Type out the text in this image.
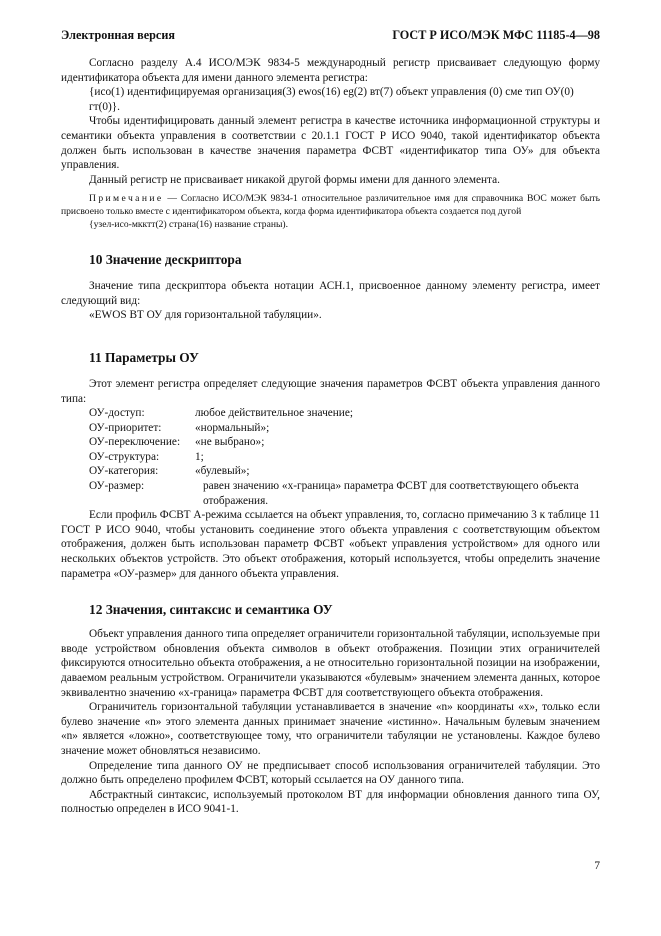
Электронная версия	ГОСТ Р ИСО/МЭК МФС 11185-4—98

Согласно разделу А.4 ИСО/МЭК 9834-5 международный регистр присваивает следующую форму идентификатора объекта для имени данного элемента регистра:

{исо(1) идентифицируемая организация(3) ewos(16) eg(2) вт(7) объект управления (0) сме тип ОУ(0) гт(0)}.

Чтобы идентифицировать данный элемент регистра в качестве источника информационной структуры и семантики объекта управления в соответствии с 20.1.1 ГОСТ Р ИСО 9040, такой идентификатор объекта должен быть использован в качестве значения параметра ФСВТ «идентификатор типа ОУ» для объекта управления.

Данный регистр не присваивает никакой другой формы имени для данного элемента.

Примечание — Согласно ИСО/МЭК 9834-1 относительное различительное имя для справочника ВОС может быть присвоено только вместе с идентификатором объекта, когда форма идентификатора объекта создается под дугой

{узел-исо-мкктт(2) страна(16) название страны).

10 Значение дескриптора

Значение типа дескриптора объекта нотации АСН.1, присвоенное данному элементу регистра, имеет следующий вид:

«EWOS ВТ ОУ для горизонтальной табуляции».

11 Параметры ОУ

Этот элемент регистра определяет следующие значения параметров ФСВТ объекта управления данного типа:

ОУ-доступ:	любое действительное значение;
ОУ-приоритет:	«нормальный»;
ОУ-переключение:	«не выбрано»;
ОУ-структура:	1;
ОУ-категория:	«булевый»;
ОУ-размер:	равен значению «х-граница» параметра ФСВТ для соответствующего объекта отображения.

Если профиль ФСВТ А-режима ссылается на объект управления, то, согласно примечанию 3 к таблице 11 ГОСТ Р ИСО 9040, чтобы установить соединение этого объекта управления с соответствующим объектом отображения, должен быть использован параметр ФСВТ «объект управления устройством» для одного или нескольких объектов устройств. Это объект отображения, который используется, чтобы определить значение параметра «ОУ-размер» для данного объекта управления.

12 Значения, синтаксис и семантика ОУ

Объект управления данного типа определяет ограничители горизонтальной табуляции, используемые при вводе устройством обновления объекта символов в объект отображения. Позиции этих ограничителей фиксируются относительно объекта отображения, а не относительно горизонтальной позиции на изображении, даваемом реальным устройством. Ограничители указываются «булевым» значением элемента данных, которое эквивалентно значению «х-граница» параметра ФСВТ для соответствующего объекта отображения.

Ограничитель горизонтальной табуляции устанавливается в значение «n» координаты «х», только если булево значение «n» этого элемента данных принимает значение «истинно». Начальным булевым значением «n» является «ложно», соответствующее тому, что ограничители табуляции не установлены. Каждое булево значение может обновляться независимо.

Определение типа данного ОУ не предписывает способ использования ограничителей табуляции. Это должно быть определено профилем ФСВТ, который ссылается на ОУ данного типа.

Абстрактный синтаксис, используемый протоколом ВТ для информации обновления данного типа ОУ, полностью определен в ИСО 9041-1.

7
